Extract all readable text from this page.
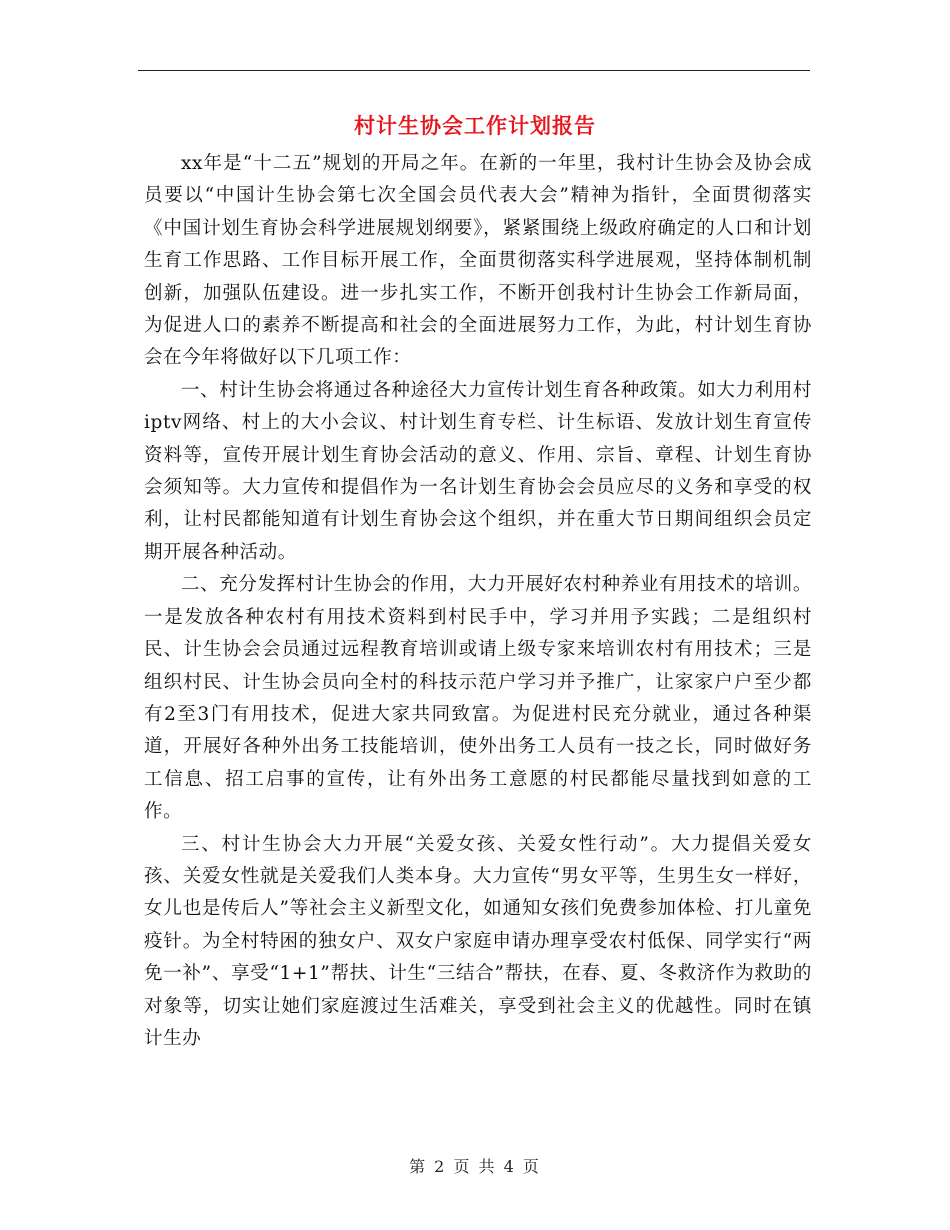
村计生协会工作计划报告

xx年是“十二五”规划的开局之年。在新的一年里，我村计生协会及协会成员要以“中国计生协会第七次全国会员代表大会”精神为指针，全面贯彻落实《中国计划生育协会科学进展规划纲要》，紧紧围绕上级政府确定的人口和计划生育工作思路、工作目标开展工作，全面贯彻落实科学进展观，坚持体制机制创新，加强队伍建设。进一步扎实工作，不断开创我村计生协会工作新局面，为促进人口的素养不断提高和社会的全面进展努力工作，为此，村计划生育协会在今年将做好以下几项工作：

一、村计生协会将通过各种途径大力宣传计划生育各种政策。如大力利用村iptv网络、村上的大小会议、村计划生育专栏、计生标语、发放计划生育宣传资料等，宣传开展计划生育协会活动的意义、作用、宗旨、章程、计划生育协会须知等。大力宣传和提倡作为一名计划生育协会会员应尽的义务和享受的权利，让村民都能知道有计划生育协会这个组织，并在重大节日期间组织会员定期开展各种活动。

二、充分发挥村计生协会的作用，大力开展好农村种养业有用技术的培训。一是发放各种农村有用技术资料到村民手中，学习并用予实践；二是组织村民、计生协会会员通过远程教育培训或请上级专家来培训农村有用技术；三是组织村民、计生协会员向全村的科技示范户学习并予推广，让家家户户至少都有2至3门有用技术，促进大家共同致富。为促进村民充分就业，通过各种渠道，开展好各种外出务工技能培训，使外出务工人员有一技之长，同时做好务工信息、招工启事的宣传，让有外出务工意愿的村民都能尽量找到如意的工作。

三、村计生协会大力开展“关爱女孩、关爱女性行动”。大力提倡关爱女孩、关爱女性就是关爱我们人类本身。大力宣传“男女平等，生男生女一样好，女儿也是传后人”等社会主义新型文化，如通知女孩们免费参加体检、打儿童免疫针。为全村特困的独女户、双女户家庭申请办理享受农村低保、同学实行“两免一补”、享受“1+1”帮扶、计生“三结合”帮扶，在春、夏、冬救济作为救助的对象等，切实让她们家庭渡过生活难关，享受到社会主义的优越性。同时在镇计生办

第 2 页 共 4 页
